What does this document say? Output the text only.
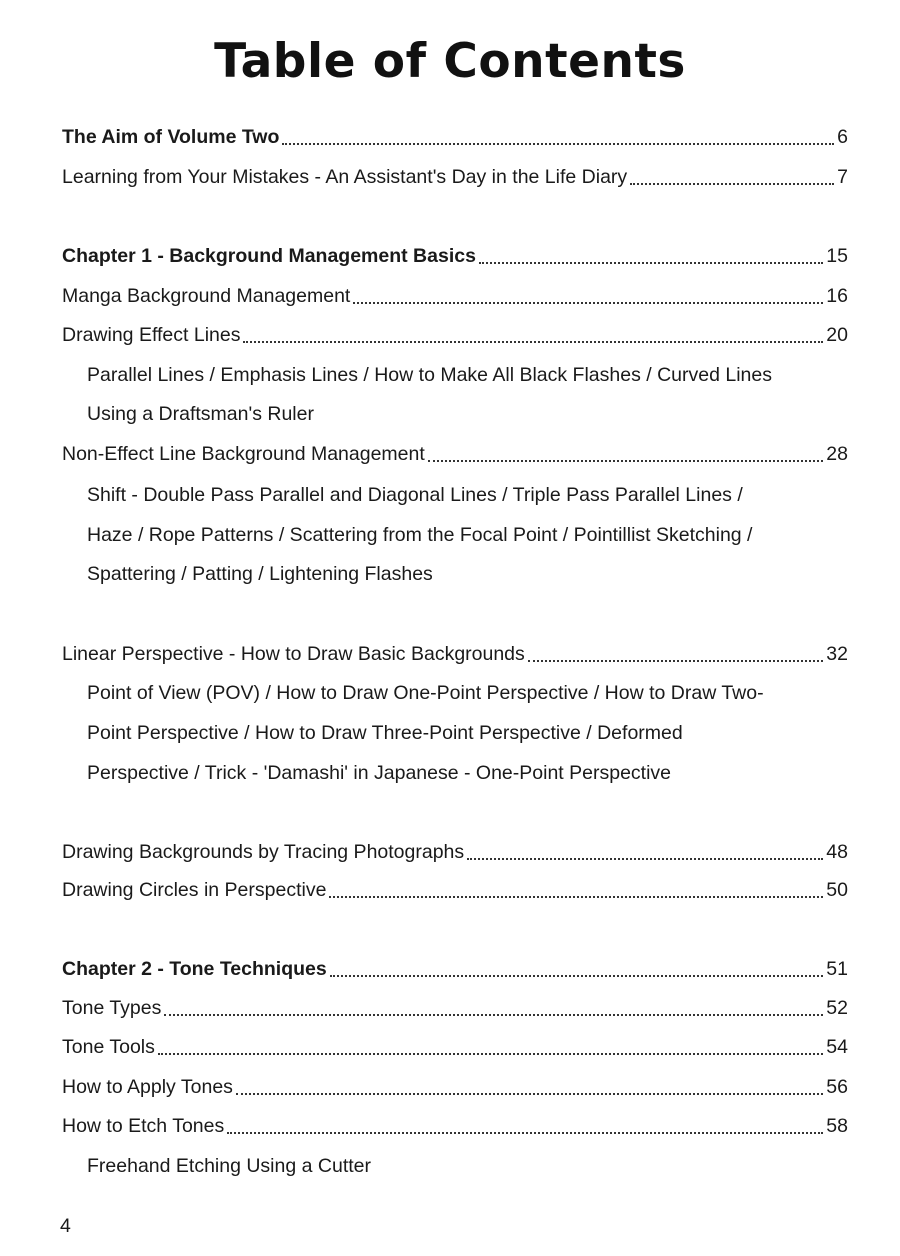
Table of Contents
The Aim of Volume Two	6
Learning from Your Mistakes - An Assistant's Day in the Life Diary	7
Chapter 1 - Background Management Basics	15
Manga Background Management	16
Drawing Effect Lines	20
Parallel Lines / Emphasis Lines / How to Make All Black Flashes / Curved Lines
Using a Draftsman's Ruler
Non-Effect Line Background Management	28
Shift - Double Pass Parallel and Diagonal Lines / Triple Pass Parallel Lines /
Haze / Rope Patterns / Scattering from the Focal Point / Pointillist Sketching /
Spattering / Patting / Lightening Flashes
Linear Perspective - How to Draw Basic Backgrounds	32
Point of View (POV) / How to Draw One-Point Perspective / How to Draw Two-
Point Perspective / How to Draw Three-Point Perspective / Deformed
Perspective / Trick - 'Damashi' in Japanese - One-Point Perspective
Drawing Backgrounds by Tracing Photographs	48
Drawing Circles in Perspective	50
Chapter 2 - Tone Techniques	51
Tone Types	52
Tone Tools	54
How to Apply Tones	56
How to Etch Tones	58
Freehand Etching Using a Cutter
4
